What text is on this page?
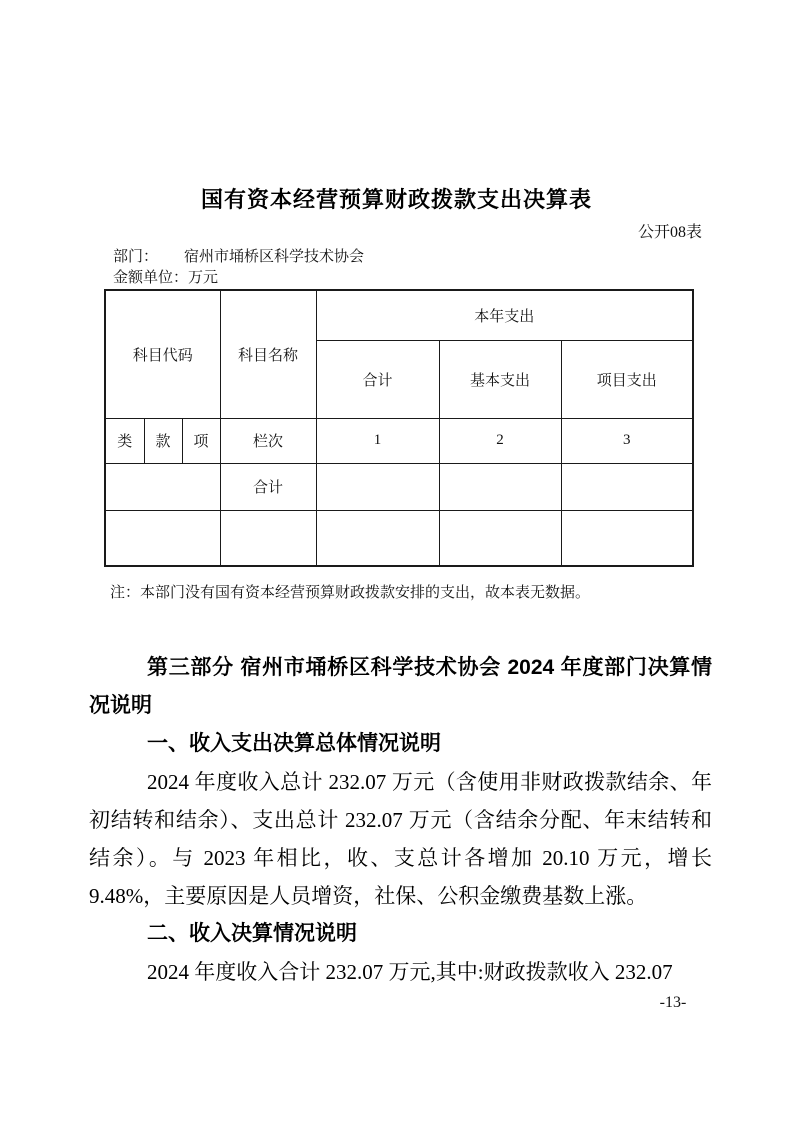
国有资本经营预算财政拨款支出决算表
公开08表
部门： 宿州市埇桥区科学技术协会
金额单位：万元
科目代码			科目名称	本年支出		
				合计	基本支出	项目支出
类	款	项	栏次	1	2	3
			合计			

注：本部门没有国有资本经营预算财政拨款安排的支出，故本表无数据。

第三部分 宿州市埇桥区科学技术协会 2024 年度部门决算情况说明

一、收入支出决算总体情况说明

2024 年度收入总计 232.07 万元（含使用非财政拨款结余、年初结转和结余）、支出总计 232.07 万元（含结余分配、年末结转和结余）。与 2023 年相比，收、支总计各增加 20.10 万元，增长 9.48%，主要原因是人员增资，社保、公积金缴费基数上涨。

二、收入决算情况说明

2024 年度收入合计 232.07 万元,其中:财政拨款收入 232.07

-13-
